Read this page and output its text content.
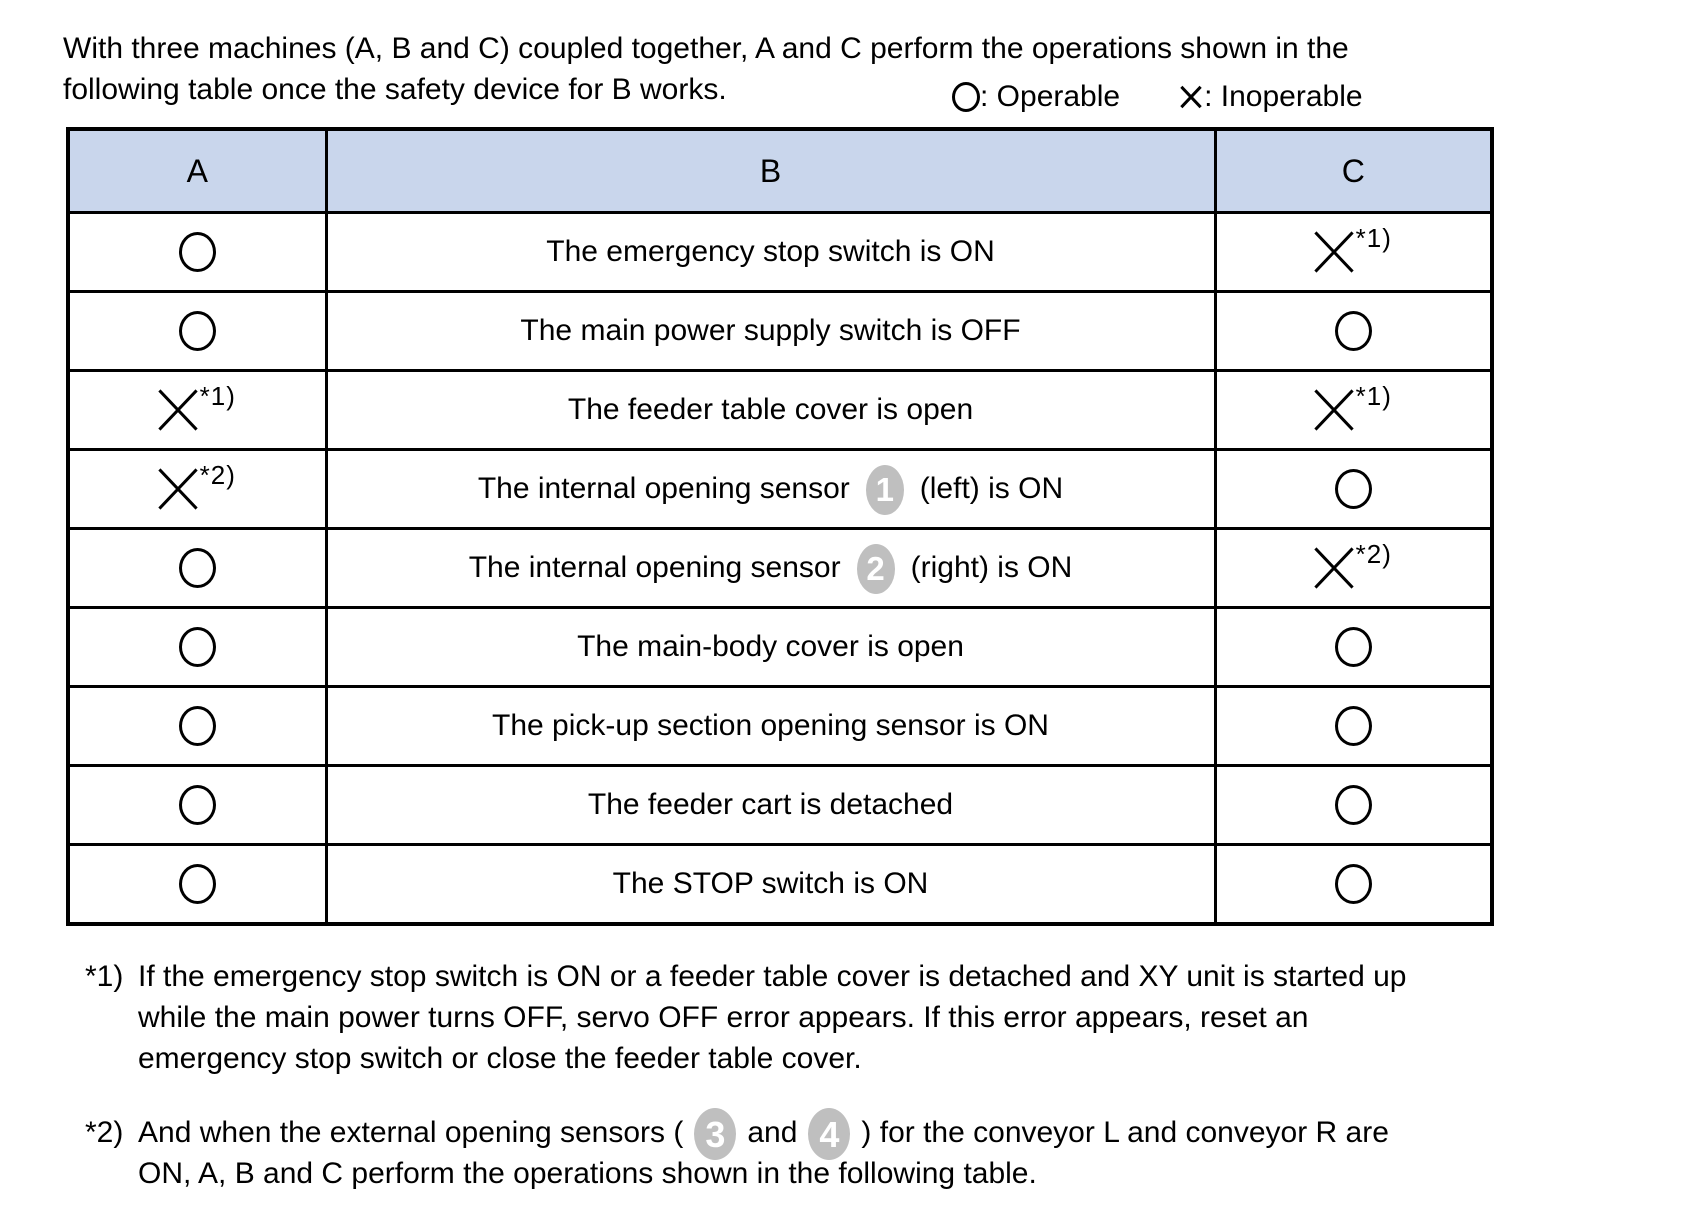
With three machines (A, B and C) coupled together, A and C perform the operations shown in the
following table once the safety device for B works.	: Operable	: Inoperable
A	B	C
	The emergency stop switch is ON	*1)
	The main power supply switch is OFF	
*1)	The feeder table cover is open	*1)
*2)	The internal opening sensor 1 (left) is ON	
	The internal opening sensor 2 (right) is ON	*2)
	The main-body cover is open	
	The pick-up section opening sensor is ON	
	The feeder cart is detached	
	The STOP switch is ON	
*1) If the emergency stop switch is ON or a feeder table cover is detached and XY unit is started up
while the main power turns OFF, servo OFF error appears. If this error appears, reset an
emergency stop switch or close the feeder table cover.
*2) And when the external opening sensors ( 3 and 4 ) for the conveyor L and conveyor R are
ON, A, B and C perform the operations shown in the following table.
